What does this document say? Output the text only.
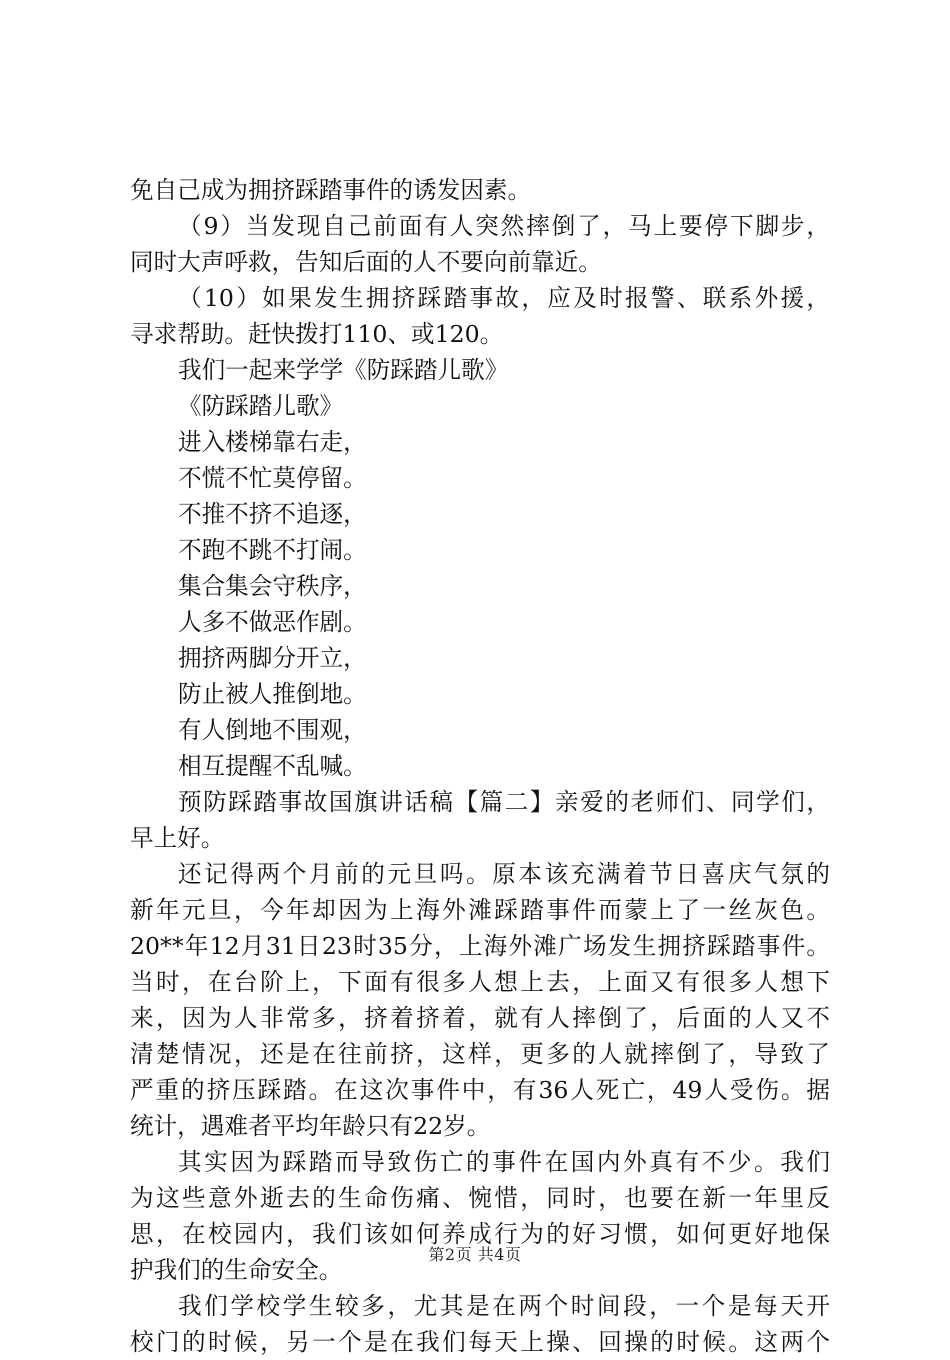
免自己成为拥挤踩踏事件的诱发因素。
（9）当发现自己前面有人突然摔倒了，马上要停下脚步，
同时大声呼救，告知后面的人不要向前靠近。
（10）如果发生拥挤踩踏事故，应及时报警、联系外援，
寻求帮助。赶快拨打110、或120。
我们一起来学学《防踩踏儿歌》
《防踩踏儿歌》
进入楼梯靠右走，
不慌不忙莫停留。
不推不挤不追逐，
不跑不跳不打闹。
集合集会守秩序，
人多不做恶作剧。
拥挤两脚分开立，
防止被人推倒地。
有人倒地不围观，
相互提醒不乱喊。
预防踩踏事故国旗讲话稿【篇二】亲爱的老师们、同学们，
早上好。
还记得两个月前的元旦吗。原本该充满着节日喜庆气氛的
新年元旦，今年却因为上海外滩踩踏事件而蒙上了一丝灰色。
20**年12月31日23时35分，上海外滩广场发生拥挤踩踏事件。
当时，在台阶上，下面有很多人想上去，上面又有很多人想下
来，因为人非常多，挤着挤着，就有人摔倒了，后面的人又不
清楚情况，还是在往前挤，这样，更多的人就摔倒了，导致了
严重的挤压踩踏。在这次事件中，有36人死亡，49人受伤。据
统计，遇难者平均年龄只有22岁。
其实因为踩踏而导致伤亡的事件在国内外真有不少。我们
为这些意外逝去的生命伤痛、惋惜，同时，也要在新一年里反
思，在校园内，我们该如何养成行为的好习惯，如何更好地保
护我们的生命安全。
我们学校学生较多，尤其是在两个时间段，一个是每天开
校门的时候，另一个是在我们每天上操、回操的时候。这两个
第2页 共4页
